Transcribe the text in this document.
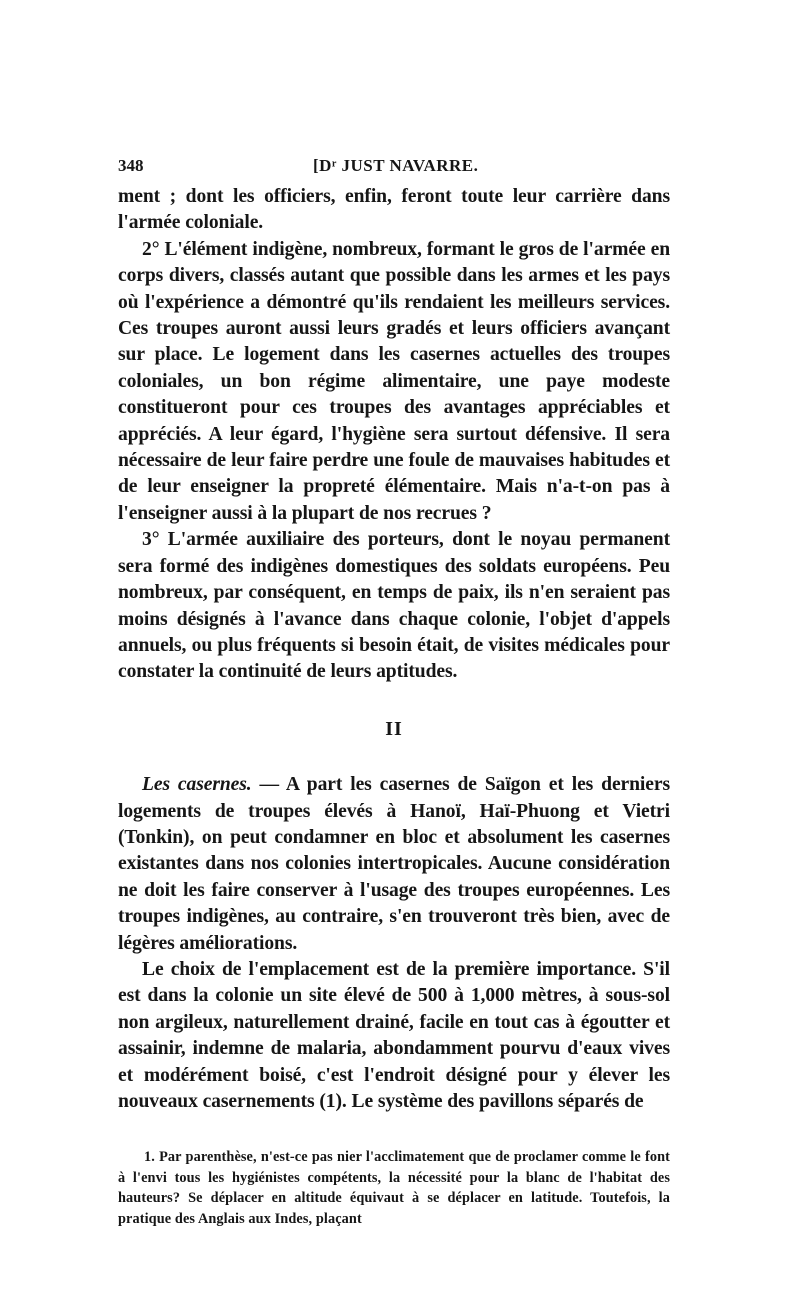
348	[Dʳ JUST NAVARRE.

ment ; dont les officiers, enfin, feront toute leur carrière dans l'armée coloniale.

2° L'élément indigène, nombreux, formant le gros de l'armée en corps divers, classés autant que possible dans les armes et les pays où l'expérience a démontré qu'ils rendaient les meilleurs services. Ces troupes auront aussi leurs gradés et leurs officiers avançant sur place. Le logement dans les casernes actuelles des troupes coloniales, un bon régime alimentaire, une paye modeste constitueront pour ces troupes des avantages appréciables et appréciés. A leur égard, l'hygiène sera surtout défensive. Il sera nécessaire de leur faire perdre une foule de mauvaises habitudes et de leur enseigner la propreté élémentaire. Mais n'a-t-on pas à l'enseigner aussi à la plupart de nos recrues ?

3° L'armée auxiliaire des porteurs, dont le noyau permanent sera formé des indigènes domestiques des soldats européens. Peu nombreux, par conséquent, en temps de paix, ils n'en seraient pas moins désignés à l'avance dans chaque colonie, l'objet d'appels annuels, ou plus fréquents si besoin était, de visites médicales pour constater la continuité de leurs aptitudes.

II

Les casernes. — A part les casernes de Saïgon et les derniers logements de troupes élevés à Hanoï, Haï-Phuong et Vietri (Tonkin), on peut condamner en bloc et absolument les casernes existantes dans nos colonies intertropicales. Aucune considération ne doit les faire conserver à l'usage des troupes européennes. Les troupes indigènes, au contraire, s'en trouveront très bien, avec de légères améliorations.

Le choix de l'emplacement est de la première importance. S'il est dans la colonie un site élevé de 500 à 1,000 mètres, à sous-sol non argileux, naturellement drainé, facile en tout cas à égoutter et assainir, indemne de malaria, abondamment pourvu d'eaux vives et modérément boisé, c'est l'endroit désigné pour y élever les nouveaux casernements (1). Le système des pavillons séparés de

1. Par parenthèse, n'est-ce pas nier l'acclimatement que de proclamer comme le font à l'envi tous les hygiénistes compétents, la nécessité pour la blanc de l'habitat des hauteurs? Se déplacer en altitude équivaut à se déplacer en latitude. Toutefois, la pratique des Anglais aux Indes, plaçant
